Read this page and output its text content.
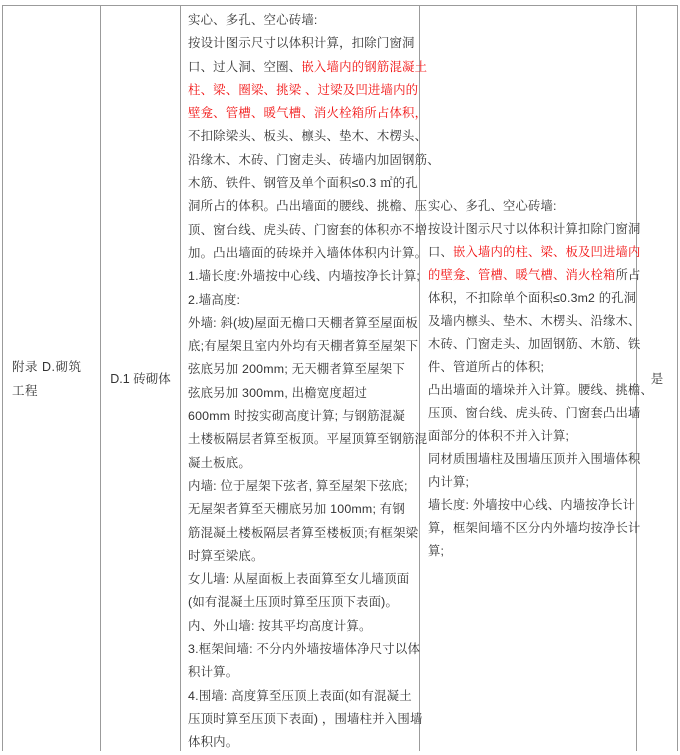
附录 D.砌筑工程
D.1 砖砌体
实心、多孔、空心砖墙:
按设计图示尺寸以体积计算，扣除门窗洞
口、过人洞、空圈、嵌入墙内的钢筋混凝土
柱、梁、圈梁、挑梁 、过梁及凹进墙内的
壁龛、管槽、暖气槽、消火栓箱所占体积，
不扣除梁头、板头、檩头、垫木、木楞头、
沿缘木、木砖、门窗走头、砖墙内加固钢筋、
木筋、铁件、钢管及单个面积≤0.3 ㎡的孔
洞所占的体积。凸出墙面的腰线、挑檐、压
顶、窗台线、虎头砖、门窗套的体积亦不增
加。凸出墙面的砖垛并入墙体体积内计算。
1.墙长度:外墙按中心线、内墙按净长计算;
2.墙高度:
外墙: 斜(坡)屋面无檐口天棚者算至屋面板
底;有屋架且室内外均有天棚者算至屋架下
弦底另加 200mm; 无天棚者算至屋架下
弦底另加 300mm, 出檐宽度超过
600mm 时按实砌高度计算; 与钢筋混凝
土楼板隔层者算至板顶。平屋顶算至钢筋混
凝土板底。
内墙: 位于屋架下弦者, 算至屋架下弦底;
无屋架者算至天棚底另加 100mm; 有钢
筋混凝土楼板隔层者算至楼板顶;有框架梁
时算至梁底。
女儿墙: 从屋面板上表面算至女儿墙顶面
(如有混凝土压顶时算至压顶下表面)。
内、外山墙: 按其平均高度计算。
3.框架间墙: 不分内外墙按墙体净尺寸以体
积计算。
4.围墙: 高度算至压顶上表面(如有混凝土
压顶时算至压顶下表面) ，围墙柱并入围墙
体积内。
实心、多孔、空心砖墙:
按设计图示尺寸以体积计算扣除门窗洞
口、嵌入墙内的柱、梁、板及凹进墙内
的壁龛、管槽、暖气槽、消火栓箱所占
体积，不扣除单个面积≤0.3m2 的孔洞
及墙内檩头、垫木、木楞头、沿缘木、
木砖、门窗走头、加固钢筋、木筋、铁
件、管道所占的体积;
凸出墙面的墙垛并入计算。腰线、挑檐、
压顶、窗台线、虎头砖、门窗套凸出墙
面部分的体积不并入计算;
同材质围墙柱及围墙压顶并入围墙体积
内计算;
墙长度: 外墙按中心线、内墙按净长计
算，框架间墙不区分内外墙均按净长计
算;
是
